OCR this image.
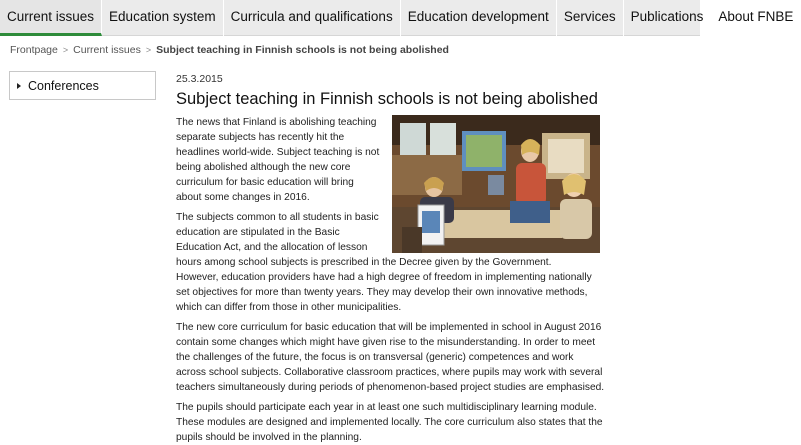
Current issues	Education system	Curricula and qualifications	Education development	Services	Publications	About FNBE
Frontpage > Current issues > Subject teaching in Finnish schools is not being abolished
Conferences	25.3.2015
Subject teaching in Finnish schools is not being abolished

The news that Finland is abolishing teaching separate subjects has recently hit the headlines world-wide. Subject teaching is not being abolished although the new core curriculum for basic education will bring about some changes in 2016.

The subjects common to all students in basic education are stipulated in the Basic Education Act, and the allocation of lesson hours among school subjects is prescribed in the Decree given by the Government. However, education providers have had a high degree of freedom in implementing nationally set objectives for more than twenty years. They may develop their own innovative methods, which can differ from those in other municipalities.

The new core curriculum for basic education that will be implemented in school in August 2016 contain some changes which might have given rise to the misunderstanding. In order to meet the challenges of the future, the focus is on transversal (generic) competences and work across school subjects. Collaborative classroom practices, where pupils may work with several teachers simultaneously during periods of phenomenon-based project studies are emphasised.

The pupils should participate each year in at least one such multidisciplinary learning module. These modules are designed and implemented locally. The core curriculum also states that the pupils should be involved in the planning.
